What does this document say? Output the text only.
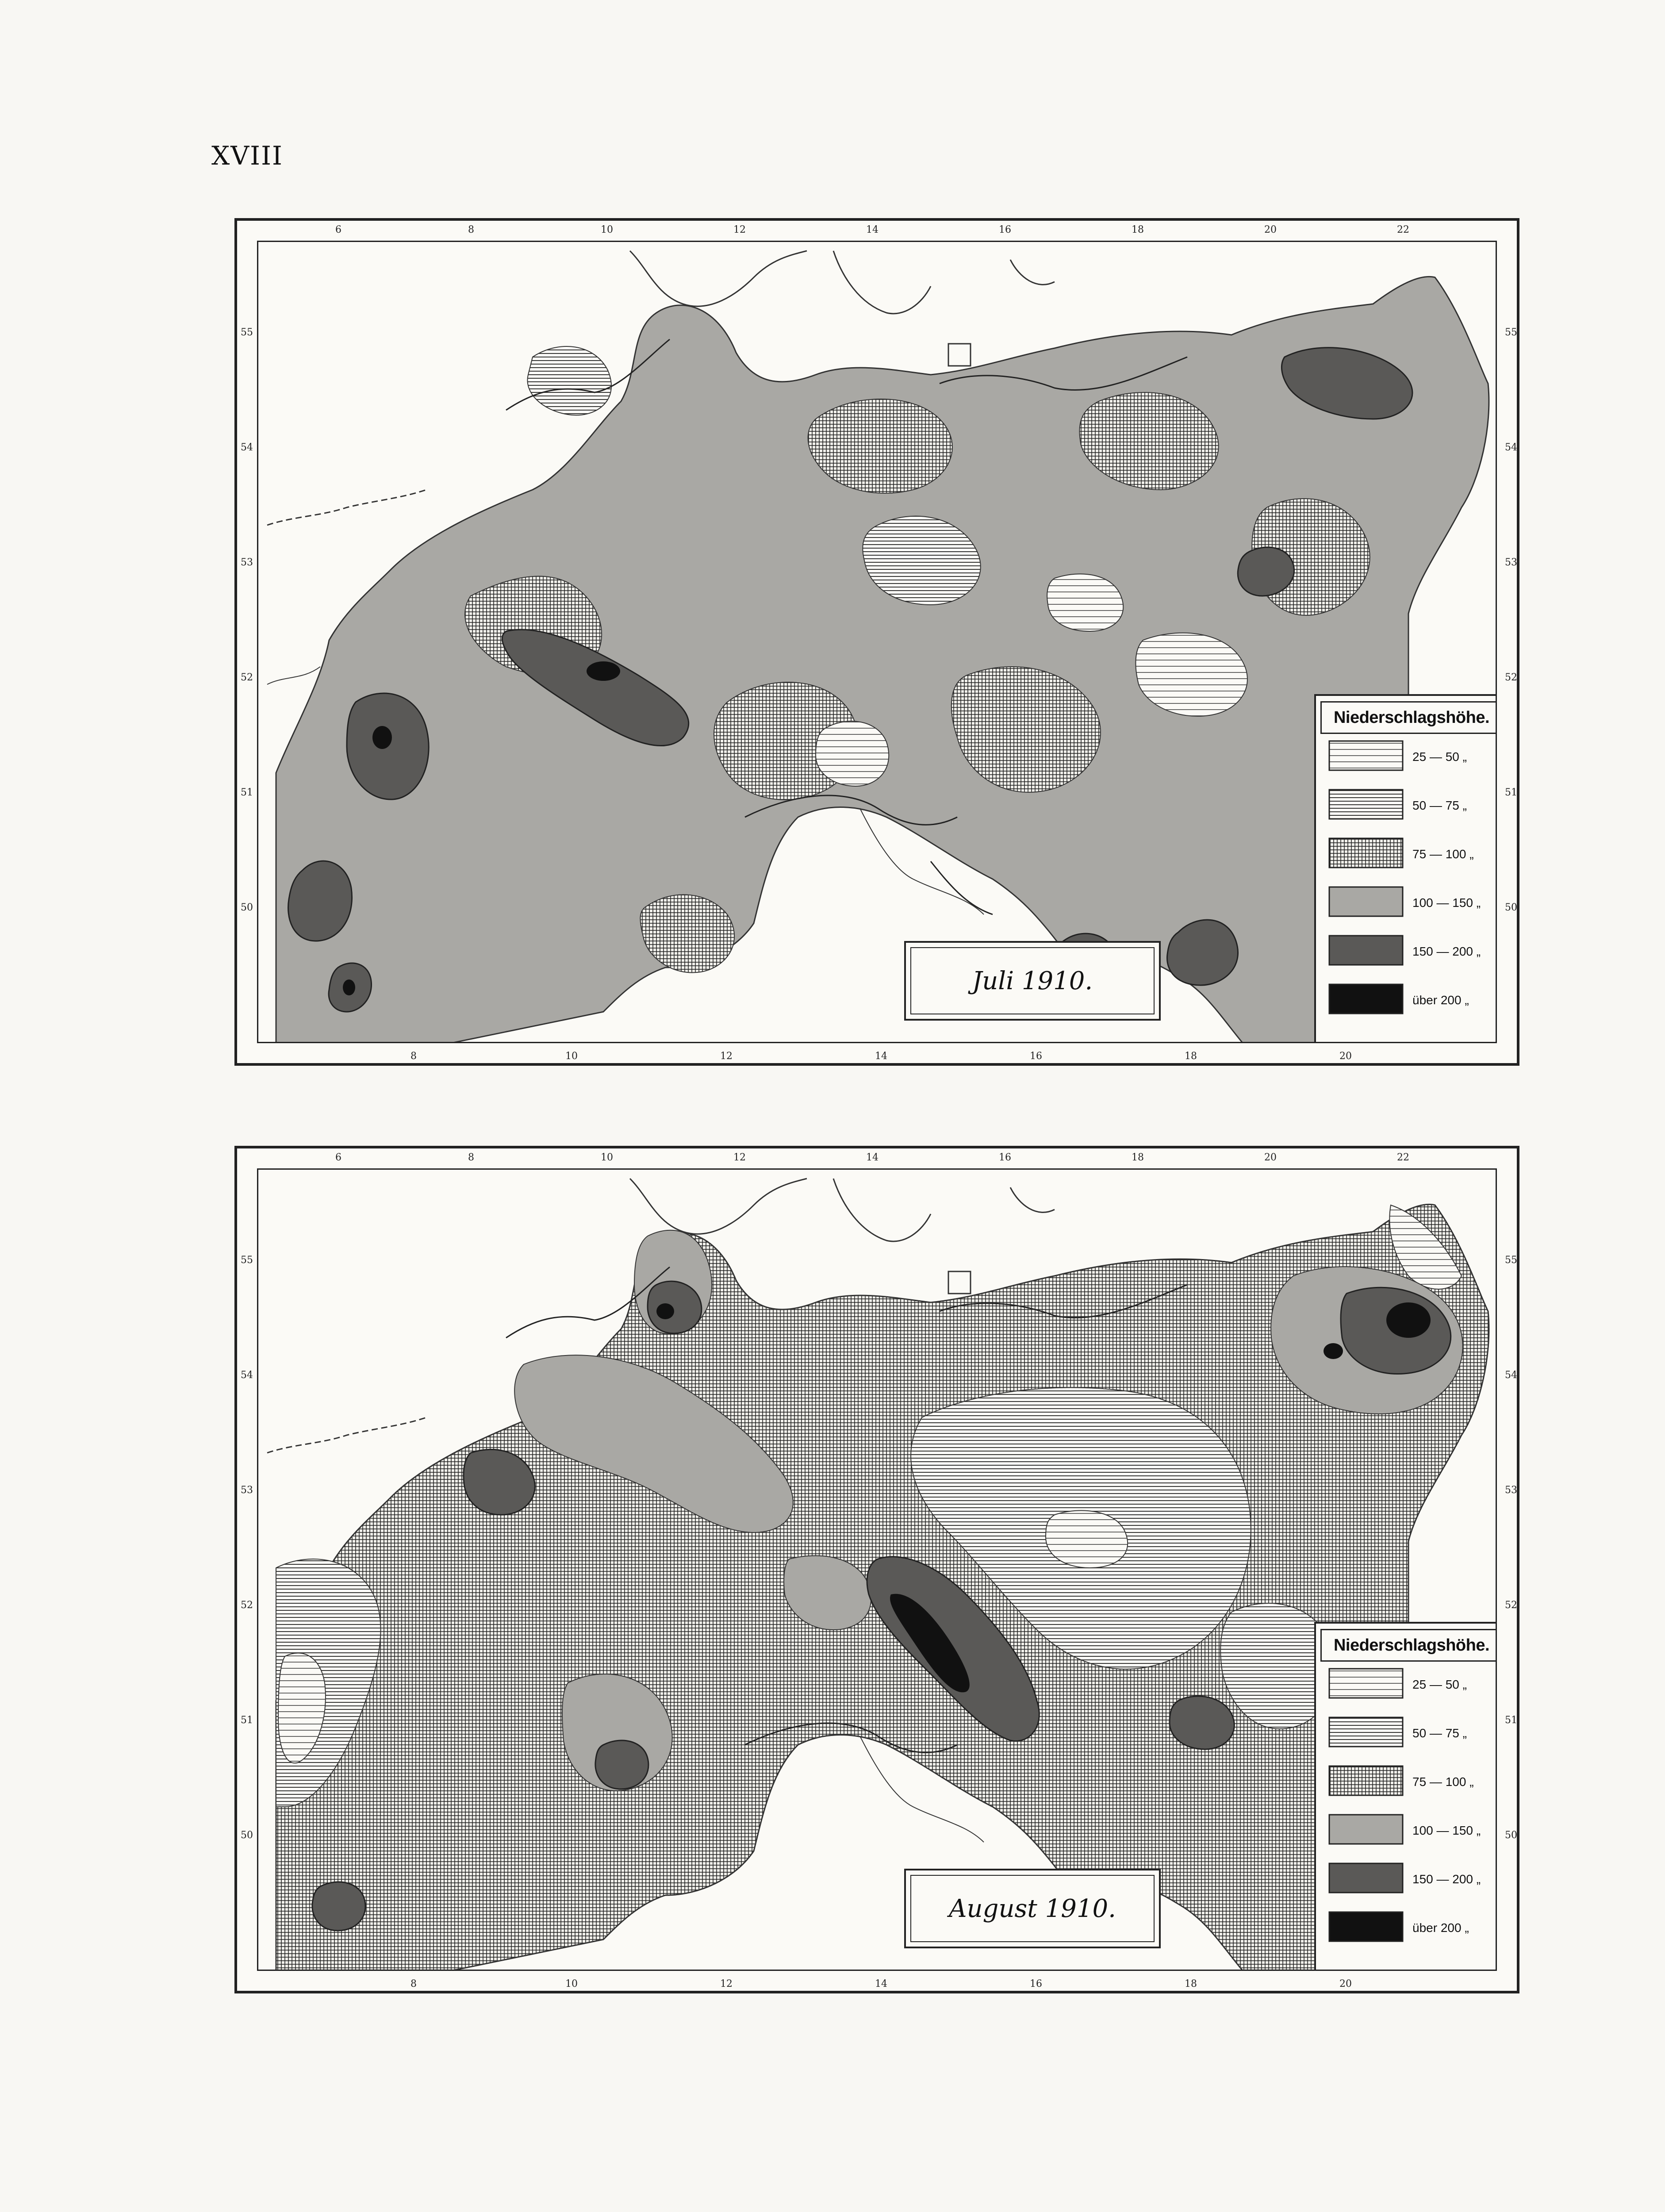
XVIII
6	8	10	12	14	16	18	20	22
8	10	12	14	16	18	20
55
54
53
52
51
50
55
54
53
52
51
50
Juli 1910.
Niederschlagshöhe.
25 — 50 „
50 — 75 „
75 — 100 „
100 — 150 „
150 — 200 „
über 200 „
6	8	10	12	14	16	18	20	22
8	10	12	14	16	18	20
55
54
53
52
51
50
55
54
53
52
51
50
August 1910.
Niederschlagshöhe.
25 — 50 „
50 — 75 „
75 — 100 „
100 — 150 „
150 — 200 „
über 200 „
